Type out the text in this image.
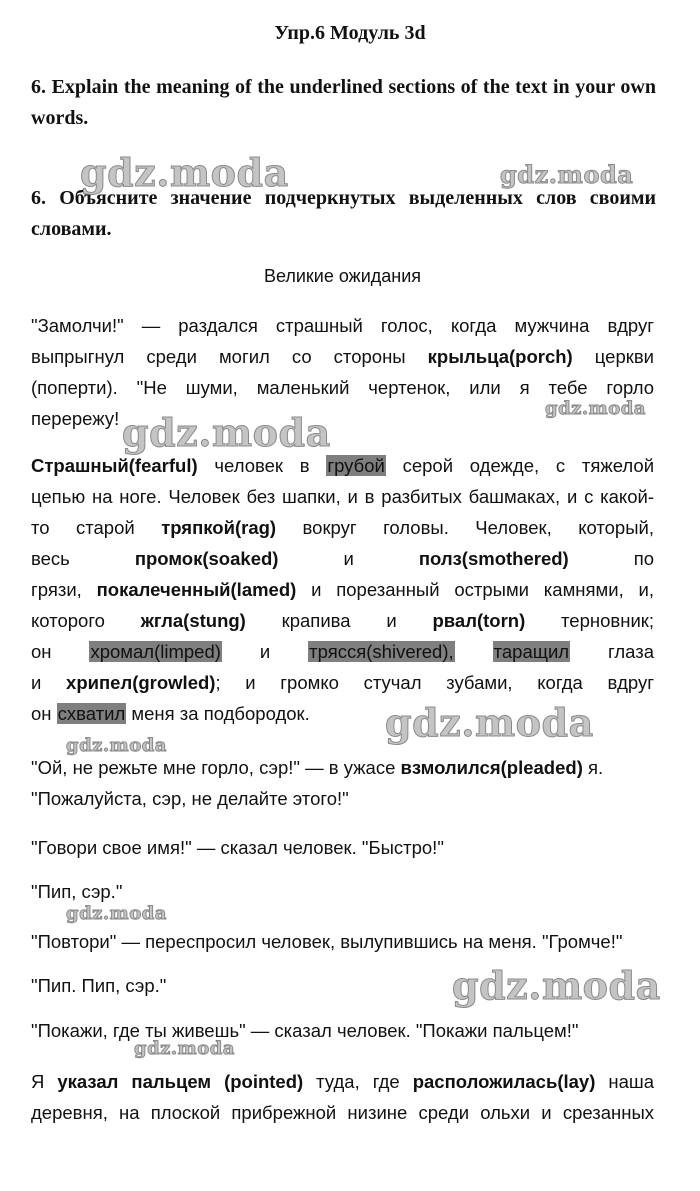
Упр.6 Модуль 3d
6. Explain the meaning of the underlined sections of the text in your own words.
6. Объясните значение подчеркнутых выделенных слов своими словами.
Великие ожидания
"Замолчи!" — раздался страшный голос, когда мужчина вдруг
выпрыгнул среди могил со стороны крыльца(porch) церкви
(поперти). "Не шуми, маленький чертенок, или я тебе горло
перережу!
Страшный(fearful) человек в грубой серой одежде, с тяжелой
цепью на ноге. Человек без шапки, и в разбитых башмаках, и с какой-
то старой тряпкой(rag) вокруг головы. Человек, который,
весь	промок(soaked)	и	полз(smothered)	по
грязи, покалеченный(lamed) и порезанный острыми камнями, и,
которого жгла(stung) крапива и рвал(torn) терновник;
он хромал(limped) и трясся(shivered), таращил глаза
и хрипел(growled); и громко стучал зубами, когда вдруг
он схватил меня за подбородок.
"Ой, не режьте мне горло, сэр!" — в ужасе взмолился(pleaded) я.
"Пожалуйста, сэр, не делайте этого!"
"Говори свое имя!" — сказал человек. "Быстро!"
"Пип, сэр."
"Повтори" — переспросил человек, вылупившись на меня. "Громче!"
"Пип. Пип, сэр."
"Покажи, где ты живешь" — сказал человек. "Покажи пальцем!"
Я указал пальцем (pointed) туда, где расположилась(lay) наша
деревня, на плоской прибрежной низине среди ольхи и срезанных
gdz.moda	gdz.moda
gdz.moda
gdz.moda
gdz.moda
gdz.moda
gdz.moda
gdz.moda
gdz.moda
